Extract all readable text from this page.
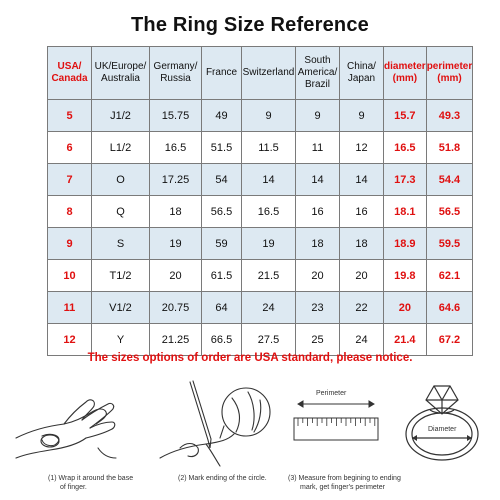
The Ring Size Reference
USA/ Canada	UK/Europe/ Australia	Germany/ Russia	France	Switzerland	South America/ Brazil	China/ Japan	diameter (mm)	perimeter (mm)
5	J1/2	15.75	49	9	9	9	15.7	49.3
6	L1/2	16.5	51.5	11.5	11	12	16.5	51.8
7	O	17.25	54	14	14	14	17.3	54.4
8	Q	18	56.5	16.5	16	16	18.1	56.5
9	S	19	59	19	18	18	18.9	59.5
10	T1/2	20	61.5	21.5	20	20	19.8	62.1
11	V1/2	20.75	64	24	23	22	20	64.6
12	Y	21.25	66.5	27.5	25	24	21.4	67.2
The sizes options of order are USA standard, please notice.
(1) Wrap it around the base
of finger.
(2) Mark ending of the circle.
Perimeter
(3) Measure from begining to ending
mark, get finger's perimeter
Diameter
